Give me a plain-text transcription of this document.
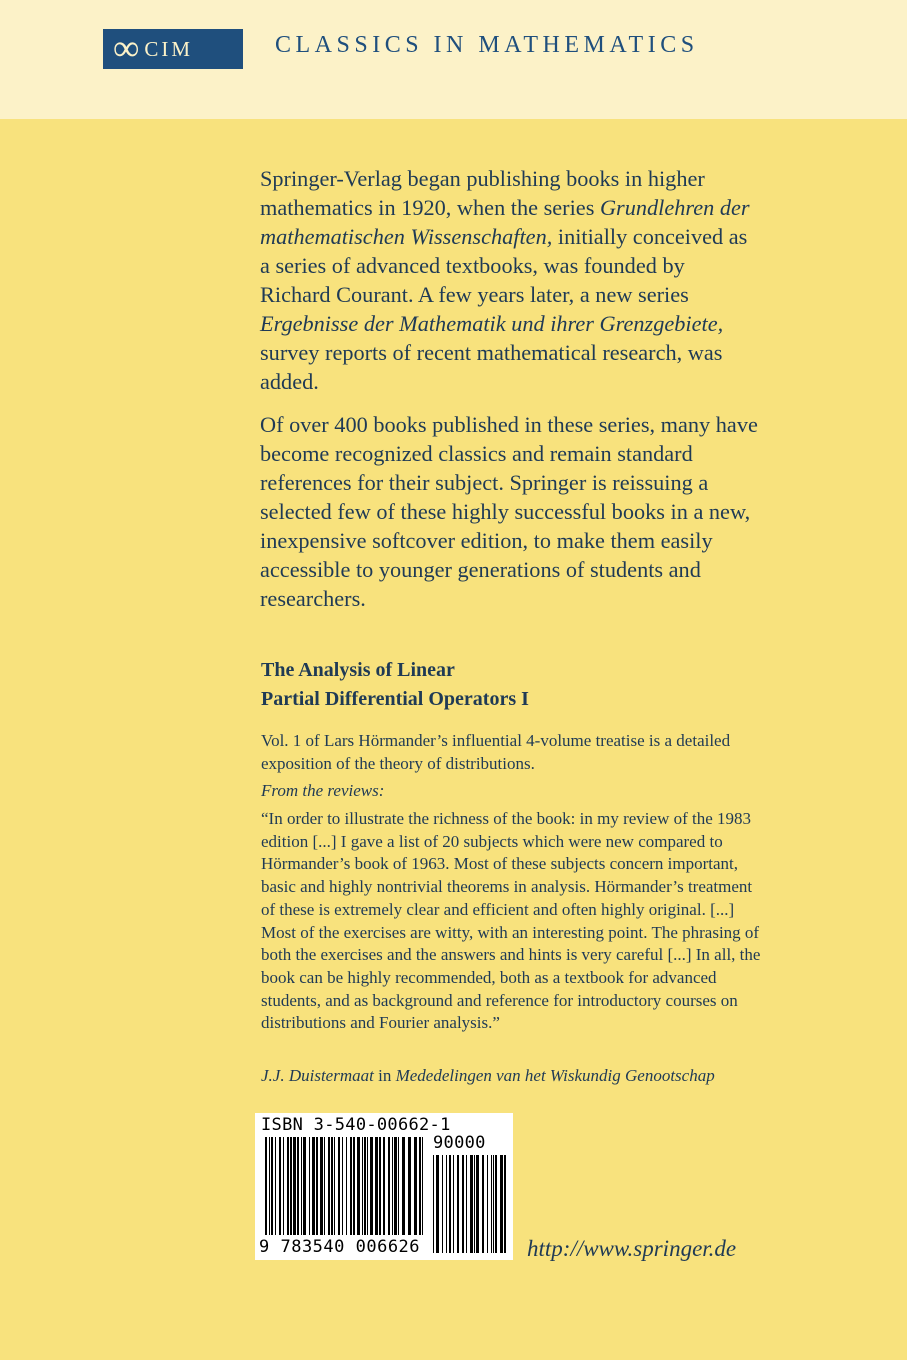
∞ CIM	CLASSICS IN MATHEMATICS

Springer-Verlag began publishing books in higher mathematics in 1920, when the series Grundlehren der mathematischen Wissenschaften, initially conceived as a series of advanced textbooks, was founded by Richard Courant. A few years later, a new series Ergebnisse der Mathematik und ihrer Grenzgebiete, survey reports of recent mathematical research, was added.

Of over 400 books published in these series, many have become recognized classics and remain standard references for their subject. Springer is reissuing a selected few of these highly successful books in a new, inexpensive softcover edition, to make them easily accessible to younger generations of students and researchers.

The Analysis of Linear
Partial Differential Operators I

Vol. 1 of Lars Hörmander’s influential 4-volume treatise is a detailed exposition of the theory of distributions.

From the reviews:

“In order to illustrate the richness of the book: in my review of the 1983 edition [...] I gave a list of 20 subjects which were new compared to Hörmander’s book of 1963. Most of these subjects concern important, basic and highly nontrivial theorems in analysis. Hörmander’s treatment of these is extremely clear and efficient and often highly original. [...] Most of the exercises are witty, with an interesting point. The phrasing of both the exercises and the answers and hints is very careful [...] In all, the book can be highly recommended, both as a textbook for advanced students, and as background and reference for introductory courses on distributions and Fourier analysis.”
J.J. Duistermaat in Mededelingen van het Wiskundig Genootschap
ISBN 3-540-00662-1
90000
9 783540 006626	http://www.springer.de
